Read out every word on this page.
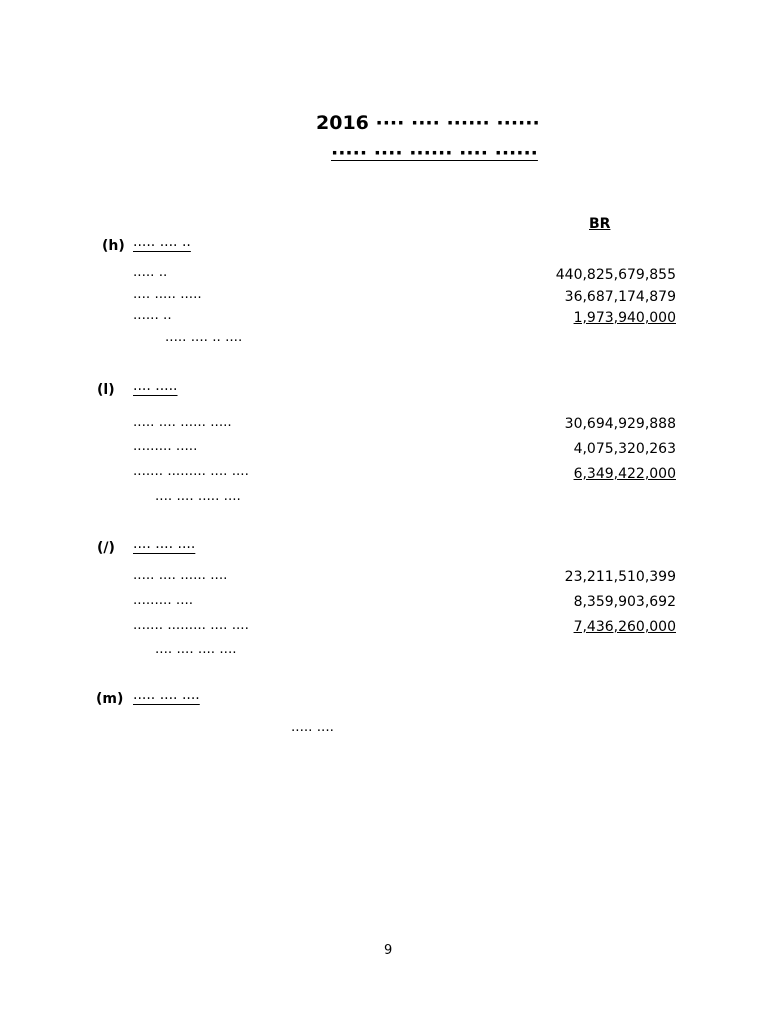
2016 ···· ···· ······ ······
····· ···· ······ ···· ······
BR
(h) ····· ···· ··
····· ··	440,825,679,855
···· ····· ·····	36,687,174,879
······ ··	1,973,940,000
····· ···· ·· ····
(l) ···· ·····
····· ···· ······ ·····	30,694,929,888
········· ·····	4,075,320,263
······· ········· ···· ····	6,349,422,000
···· ···· ····· ····
(/) ···· ···· ····
····· ···· ······ ····	23,211,510,399
········· ····	8,359,903,692
······· ········· ···· ····	7,436,260,000
···· ···· ···· ····
(m) ····· ···· ····
····· ····
9
